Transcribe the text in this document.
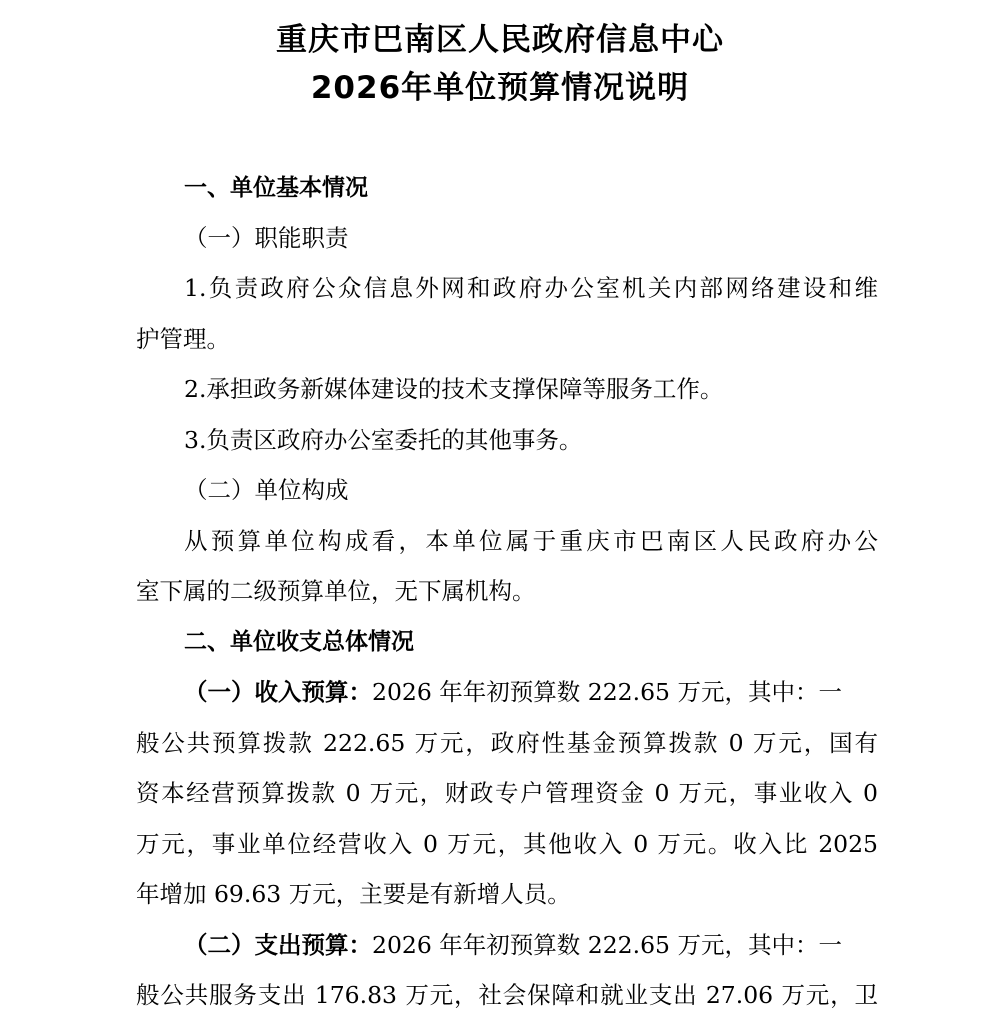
重庆市巴南区人民政府信息中心
2026年单位预算情况说明
一、单位基本情况
（一）职能职责
1.负责政府公众信息外网和政府办公室机关内部网络建设和维
护管理。
2.承担政务新媒体建设的技术支撑保障等服务工作。
3.负责区政府办公室委托的其他事务。
（二）单位构成
从预算单位构成看，本单位属于重庆市巴南区人民政府办公
室下属的二级预算单位，无下属机构。
二、单位收支总体情况
（一）收入预算：2026 年年初预算数 222.65 万元，其中：一
般公共预算拨款 222.65 万元，政府性基金预算拨款 0 万元，国有
资本经营预算拨款 0 万元，财政专户管理资金 0 万元，事业收入 0
万元，事业单位经营收入 0 万元，其他收入 0 万元。收入比 2025
年增加 69.63 万元，主要是有新增人员。
（二）支出预算：2026 年年初预算数 222.65 万元，其中：一
般公共服务支出 176.83 万元，社会保障和就业支出 27.06 万元，卫
